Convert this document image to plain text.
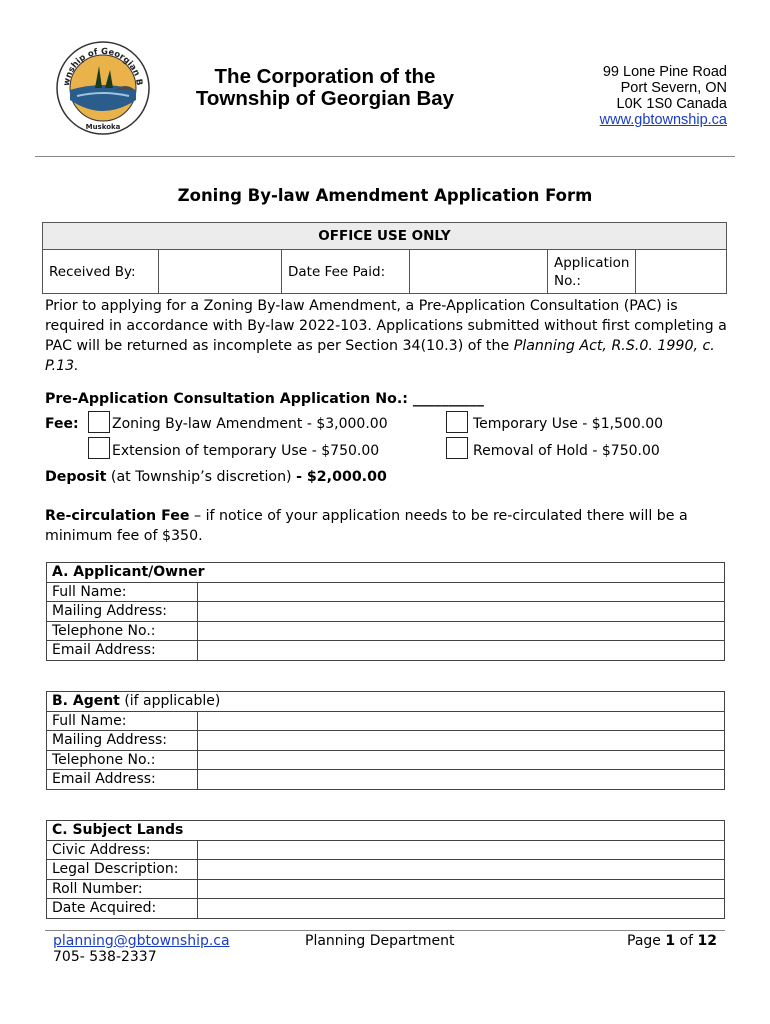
wnship of Georgian B
Muskoka
The Corporation of the
Township of Georgian Bay
99 Lone Pine Road
Port Severn, ON
L0K 1S0 Canada
www.gbtownship.ca
Zoning By-law Amendment Application Form
OFFICE USE ONLY
Received By:		Date Fee Paid:		Application
No.:	
Prior to applying for a Zoning By-law Amendment, a Pre-Application Consultation (PAC) is required in accordance with By-law 2022-103. Applications submitted without first completing a PAC will be returned as incomplete as per Section 34(10.3) of the Planning Act, R.S.0. 1990, c. P.13.
Pre-Application Consultation Application No.: __________
Fee: Zoning By-law Amendment - $3,000.00	Temporary Use - $1,500.00
Extension of temporary Use - $750.00	Removal of Hold - $750.00
Deposit (at Township’s discretion) - $2,000.00
Re-circulation Fee – if notice of your application needs to be re-circulated there will be a minimum fee of $350.
A. Applicant/Owner	
Full Name:	
Mailing Address:	
Telephone No.:	
Email Address:	
B. Agent (if applicable)	
Full Name:	
Mailing Address:	
Telephone No.:	
Email Address:	
C. Subject Lands	
Civic Address:	
Legal Description:	
Roll Number:	
Date Acquired:	
planning@gbtownship.ca
705- 538-2337
Planning Department	Page 1 of 12
